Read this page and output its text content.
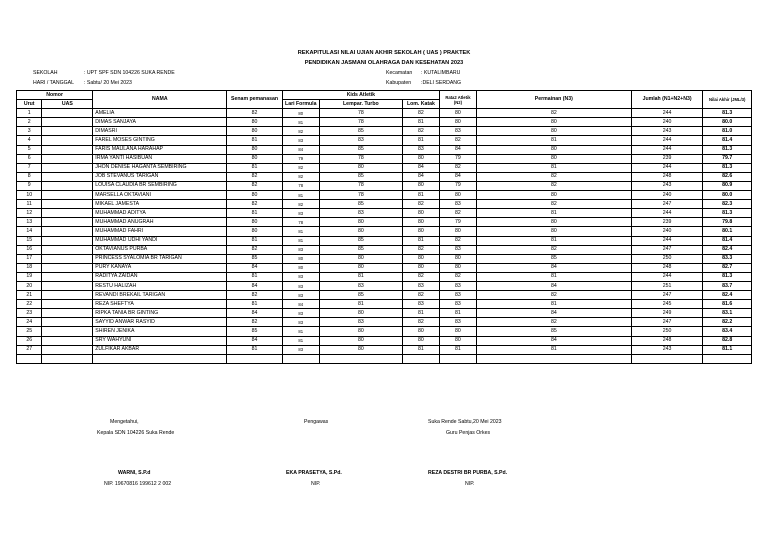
REKAPITULASI NILAI UJIAN AKHIR SEKOLAH ( UAS ) PRAKTEK
PENDIDIKAN JASMANI OLAHRAGA DAN KESEHATAN 2023
SEKOLAH	: UPT SPF SDN 104226 SUKA RENDE
HARI / TANGGAL : Sabtu/ 20 Mei 2023
Kecamatan : KUTALIMBARU
Kabupaten :DELI SERDANG
Nomor		NAMA	Senam pemanasan	Kids Atletik			Rata2 Atletik (N2)	Permainan (N3)	Jumlah (N1+N2+N3)	Nilai Akhir (JML/3)
Urut	UAS			Lari Formula	Lempar. Turbo	Lom. Katak				
1		AMELIA	82	80	78	82	80	82	244	81.3
2		DIMAS SANJAYA	80	81	78	81	80	80	240	80.0
3		DIMASRI	80	82	85	82	83	80	243	81.0
4		FAREL MOSES GINTING	81	83	83	81	82	81	244	81.4
5		FARIS MAULANA HARAHAP	80	84	85	83	84	80	244	81.3
6		IRMA YANTI HASIBUAN	80	79	78	80	79	80	239	79.7
7		JHON DENISE HAGANTA SEMBIRING	81	82	80	84	82	81	244	81.3
8		JOB STEVANUS TARIGAN	82	82	85	84	84	82	248	82.6
9		LOUISA CLAUDIA BR SEMBIRING	82	78	78	80	79	82	243	80.9
10		MARSELLA OKTAVIANI	80	81	78	81	80	80	240	80.0
11		MIKAEL JAMESTA	82	82	85	82	83	82	247	82.3
12		MUHAMMAD ADITYA	81	83	83	80	82	81	244	81.3
13		MUHAMMAD ANUGRAH	80	78	80	80	79	80	239	79.8
14		MUHAMMAD FAHRI	80	81	80	80	80	80	240	80.1
15		MUHAMMAD UDHI YANDI	81	81	85	81	82	81	244	81.4
16		OKTAVIANUS PURBA	82	83	85	82	83	82	247	82.4
17		PRINCESS SYALOMIA BR TARIGAN	85	80	80	80	80	85	250	83.3
18		PURY KANAYA	84	80	80	80	80	84	248	82.7
19		RADITYA ZAIDAN	81	83	81	82	82	81	244	81.3
20		RESTU HALIZAH	84	83	83	83	83	84	251	83.7
21		REVANDI BREKAIL TARIGAN	82	83	85	82	83	82	247	82.4
22		REZA SHEFTYA	81	84	81	83	83	81	245	81.6
23		RIPKA TANIA BR GINTING	84	83	80	81	81	84	249	83.1
24		SAYYID ANWAR RASYID	82	83	83	82	83	82	247	82.2
25		SHIREN JENIKA	85	81	80	80	80	85	250	83.4
26		SRY WAHYUNI	84	81	80	80	80	84	248	82.8
27		ZULFIKAR AKBAR	81	83	80	81	81	81	243	81.1

Mengetahui,
Kepala SDN 104226 Suka Rende
WARNI, S.P.d
NIP. 19670816 199612 2 002
Pengawas
EKA PRASETYA, S.Pd.
NIP.
Suka Rende Sabtu,20 Mei 2023
Guru Penjas Orkes
REZA DESTRI BR PURBA, S.Pd.
NIP.
